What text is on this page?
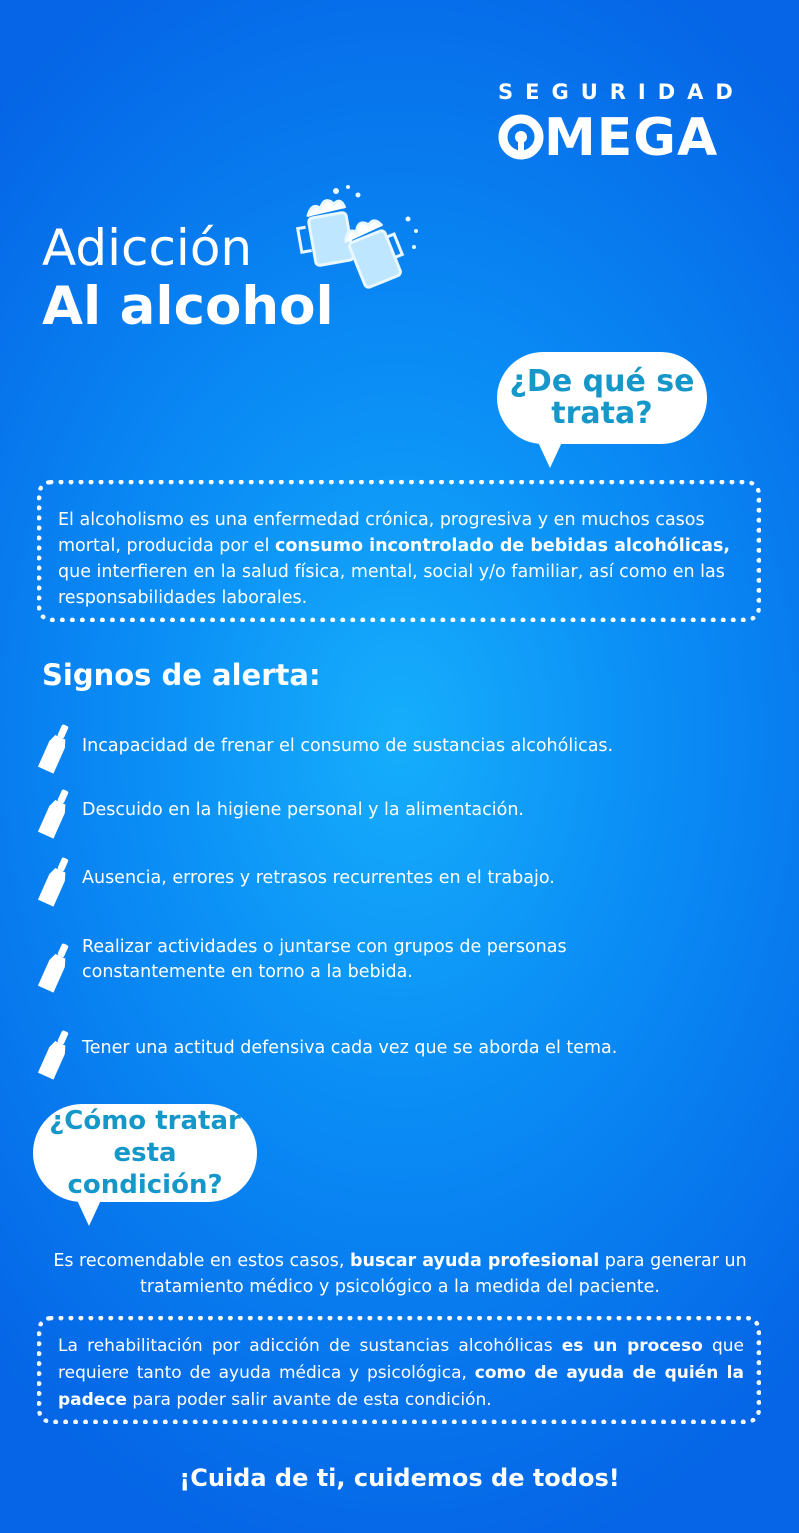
SEGURIDAD
MEGA
Adicción
Al alcohol
¿De qué se
trata?
El alcoholismo es una enfermedad crónica, progresiva y en muchos casos mortal, producida por el consumo incontrolado de bebidas alcohólicas, que interfieren en la salud física, mental, social y/o familiar, así como en las responsabilidades laborales.
Signos de alerta:
Incapacidad de frenar el consumo de sustancias alcohólicas.
Descuido en la higiene personal y la alimentación.
Ausencia, errores y retrasos recurrentes en el trabajo.
Realizar actividades o juntarse con grupos de personas constantemente en torno a la bebida.
Tener una actitud defensiva cada vez que se aborda el tema.
¿Cómo tratar
esta condición?
Es recomendable en estos casos, buscar ayuda profesional para generar un tratamiento médico y psicológico a la medida del paciente.
La rehabilitación por adicción de sustancias alcohólicas es un proceso que requiere tanto de ayuda médica y psicológica, como de ayuda de quién la padece para poder salir avante de esta condición.
¡Cuida de ti, cuidemos de todos!
